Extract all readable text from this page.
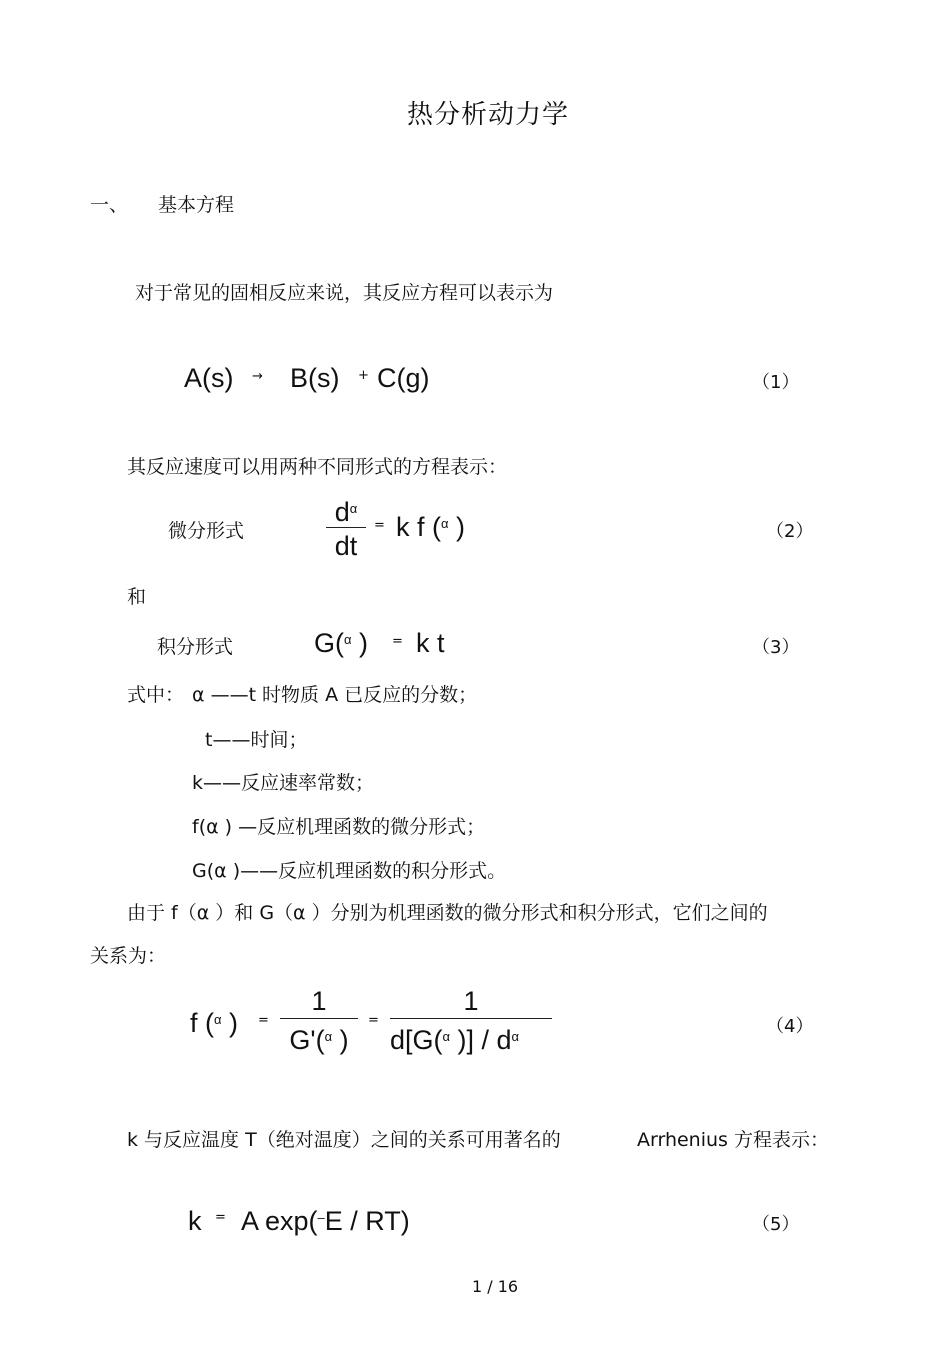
热分析动力学
一、 基本方程
对于常见的固相反应来说，其反应方程可以表示为
A(s) → B(s) + C(g)	（1）
其反应速度可以用两种不同形式的方程表示：
微分形式
$d^\alpha$
dt
= k f ($^\alpha$ )	（2）
和
积分形式	G($^\alpha$ ) = k t	（3）
式中： α ——t 时物质 A 已反应的分数；
t——时间；
k——反应速率常数；
f(α ) —反应机理函数的微分形式；
G(α )——反应机理函数的积分形式。
由于 f（α ）和 G（α ）分别为机理函数的微分形式和积分形式，它们之间的
关系为：
f ($^\alpha$ ) =
1
G'($^\alpha$ )
=
1
d[G($^\alpha$ )] / $d^\alpha$	（4）
k 与反应温度 T（绝对温度）之间的关系可用著名的	Arrhenius 方程表示：
k = A exp(–E / RT)	（5）
1 / 16
